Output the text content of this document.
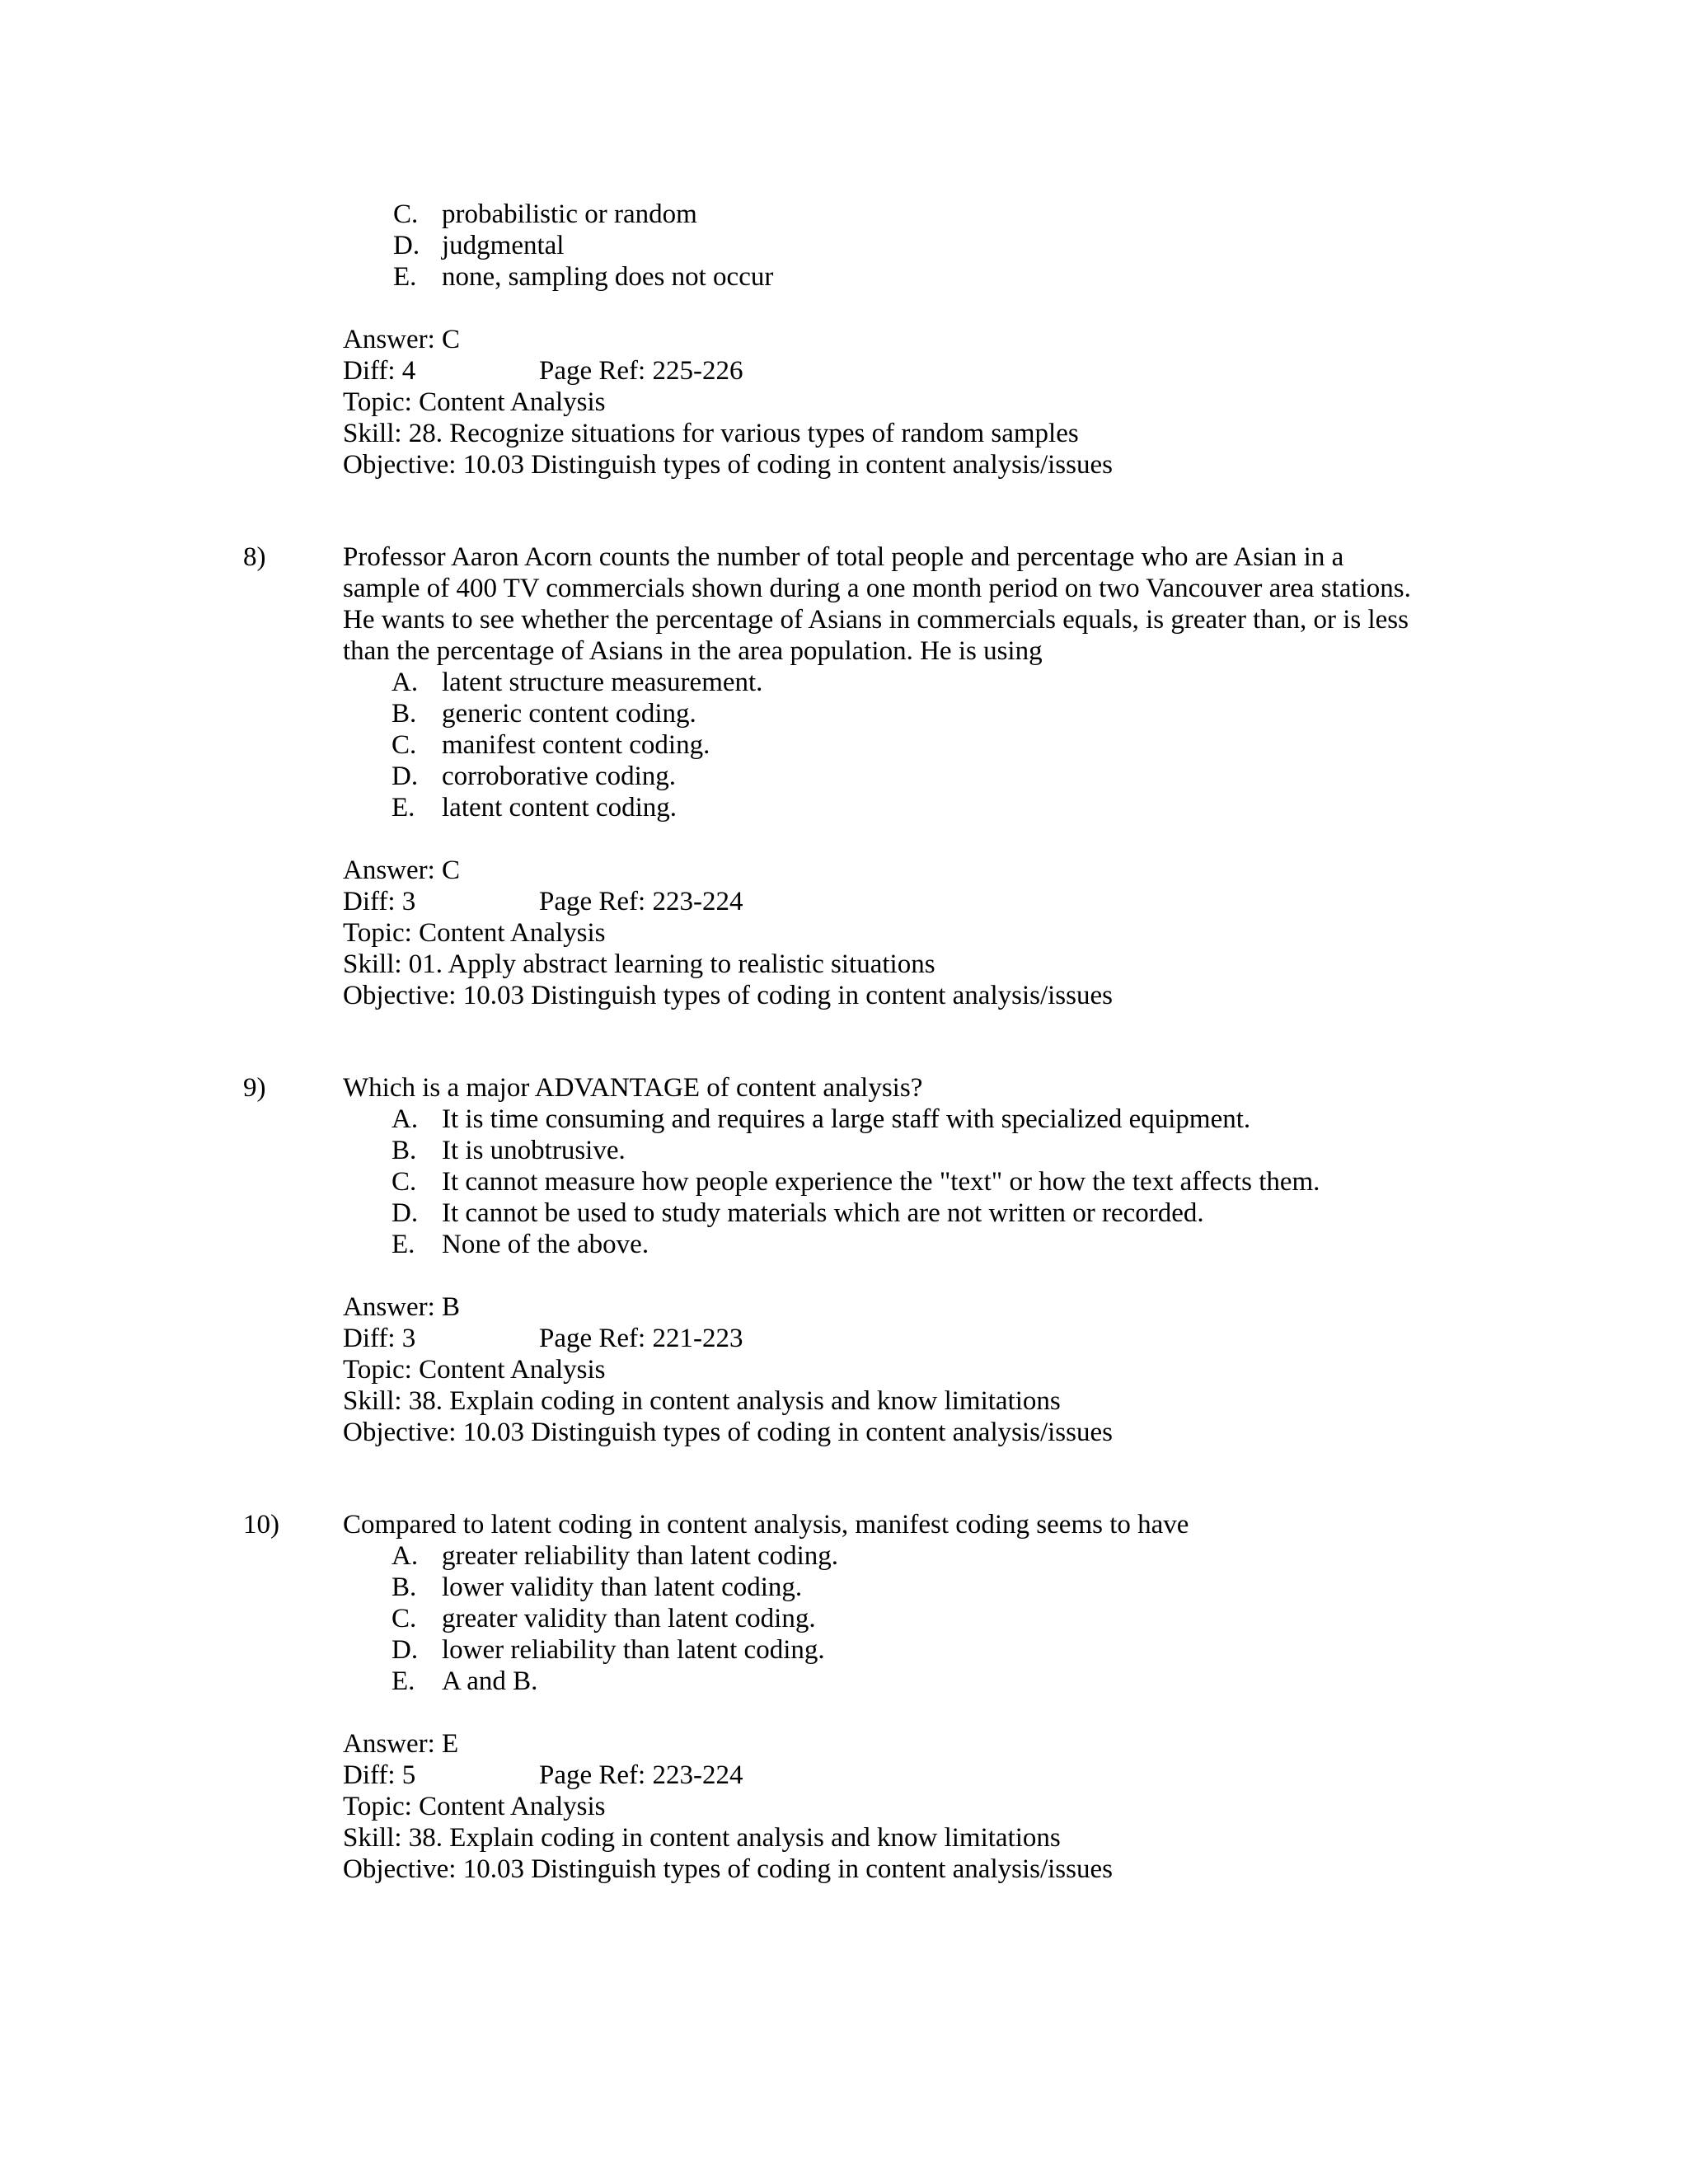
C. probabilistic or random
D. judgmental
E. none, sampling does not occur
Answer: C
Diff: 4	Page Ref: 225-226
Topic: Content Analysis
Skill: 28. Recognize situations for various types of random samples
Objective: 10.03 Distinguish types of coding in content analysis/issues
8)	Professor Aaron Acorn counts the number of total people and percentage who are Asian in a
sample of 400 TV commercials shown during a one month period on two Vancouver area stations.
He wants to see whether the percentage of Asians in commercials equals, is greater than, or is less
than the percentage of Asians in the area population. He is using
A. latent structure measurement.
B. generic content coding.
C. manifest content coding.
D. corroborative coding.
E. latent content coding.
Answer: C
Diff: 3	Page Ref: 223-224
Topic: Content Analysis
Skill: 01. Apply abstract learning to realistic situations
Objective: 10.03 Distinguish types of coding in content analysis/issues
9)	Which is a major ADVANTAGE of content analysis?
A. It is time consuming and requires a large staff with specialized equipment.
B. It is unobtrusive.
C. It cannot measure how people experience the "text" or how the text affects them.
D. It cannot be used to study materials which are not written or recorded.
E. None of the above.
Answer: B
Diff: 3	Page Ref: 221-223
Topic: Content Analysis
Skill: 38. Explain coding in content analysis and know limitations
Objective: 10.03 Distinguish types of coding in content analysis/issues
10) Compared to latent coding in content analysis, manifest coding seems to have
A. greater reliability than latent coding.
B. lower validity than latent coding.
C. greater validity than latent coding.
D. lower reliability than latent coding.
E. A and B.
Answer: E
Diff: 5	Page Ref: 223-224
Topic: Content Analysis
Skill: 38. Explain coding in content analysis and know limitations
Objective: 10.03 Distinguish types of coding in content analysis/issues
